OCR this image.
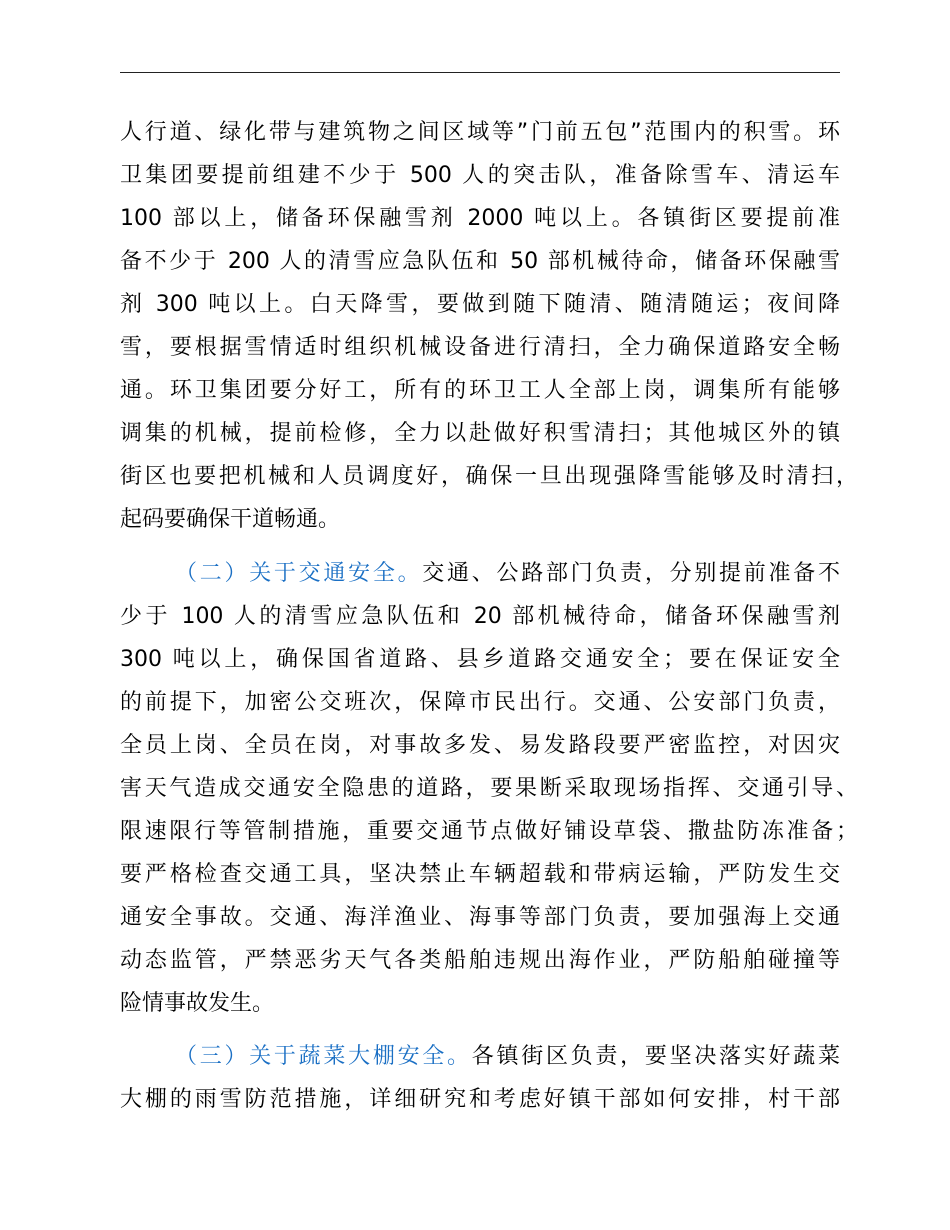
人行道、绿化带与建筑物之间区域等”门前五包”范围内的积雪。环
卫集团要提前组建不少于 500 人的突击队，准备除雪车、清运车
100 部以上，储备环保融雪剂 2000 吨以上。各镇街区要提前准
备不少于 200 人的清雪应急队伍和 50 部机械待命，储备环保融雪
剂 300 吨以上。白天降雪，要做到随下随清、随清随运；夜间降
雪，要根据雪情适时组织机械设备进行清扫，全力确保道路安全畅
通。环卫集团要分好工，所有的环卫工人全部上岗，调集所有能够
调集的机械，提前检修，全力以赴做好积雪清扫；其他城区外的镇
街区也要把机械和人员调度好，确保一旦出现强降雪能够及时清扫，
起码要确保干道畅通。
（二）关于交通安全。交通、公路部门负责，分别提前准备不
少于 100 人的清雪应急队伍和 20 部机械待命，储备环保融雪剂
300 吨以上，确保国省道路、县乡道路交通安全；要在保证安全
的前提下，加密公交班次，保障市民出行。交通、公安部门负责，
全员上岗、全员在岗，对事故多发、易发路段要严密监控，对因灾
害天气造成交通安全隐患的道路，要果断采取现场指挥、交通引导、
限速限行等管制措施，重要交通节点做好铺设草袋、撒盐防冻准备；
要严格检查交通工具，坚决禁止车辆超载和带病运输，严防发生交
通安全事故。交通、海洋渔业、海事等部门负责，要加强海上交通
动态监管，严禁恶劣天气各类船舶违规出海作业，严防船舶碰撞等
险情事故发生。
（三）关于蔬菜大棚安全。各镇街区负责，要坚决落实好蔬菜
大棚的雨雪防范措施，详细研究和考虑好镇干部如何安排，村干部
